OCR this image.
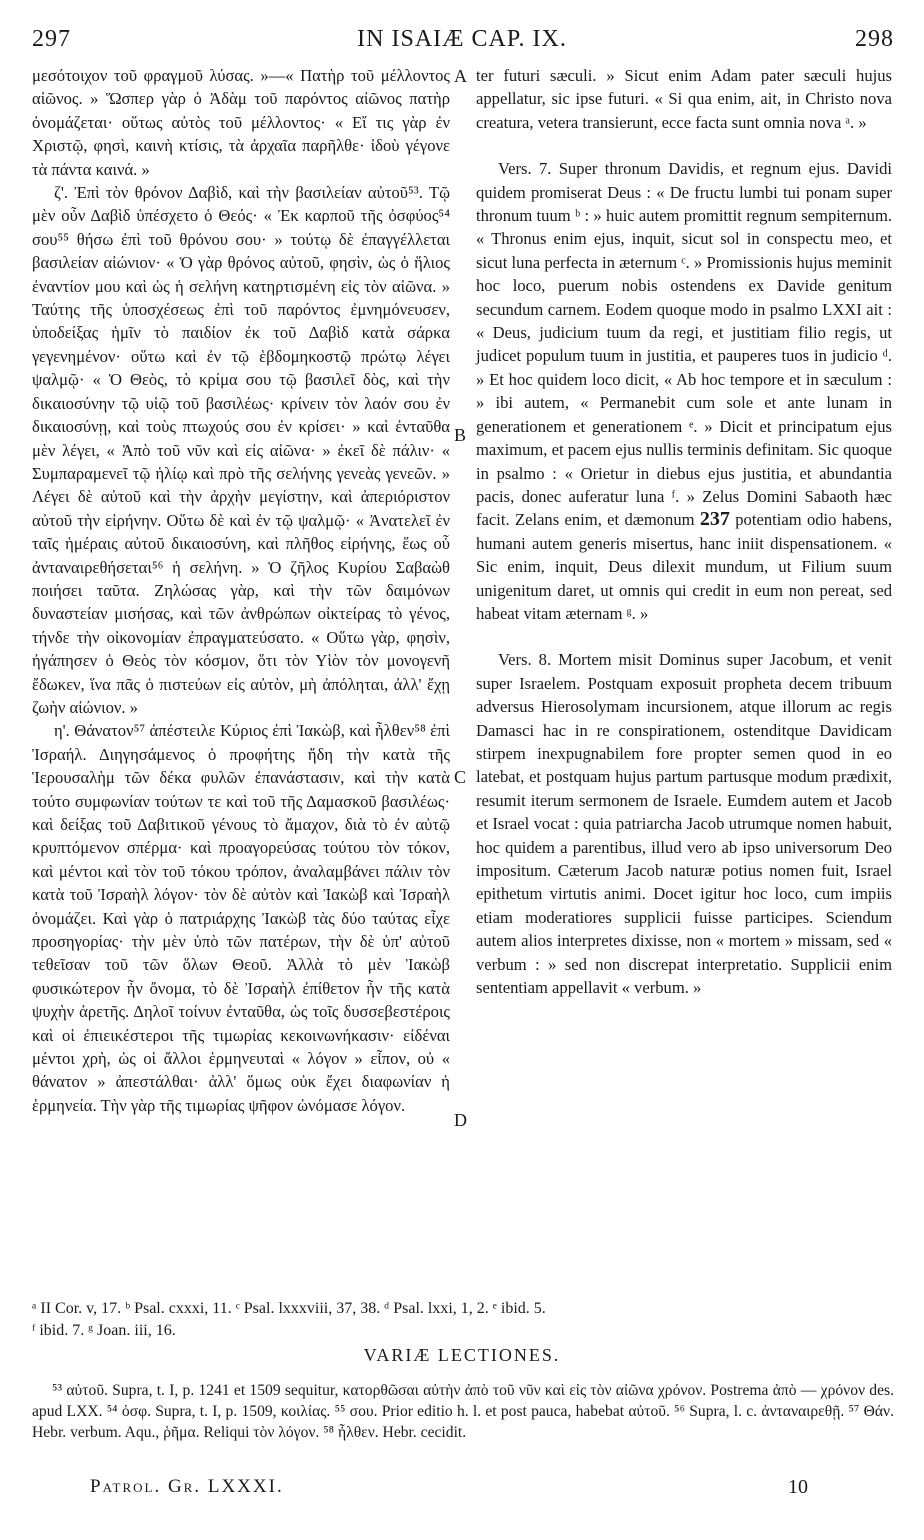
297	IN ISAIÆ CAP. IX.	298

μεσότοιχον τοῦ φραγμοῦ λύσας. »—« Πατὴρ τοῦ μέλλοντος αἰῶνος. » Ὥσπερ γὰρ ὁ Ἀδὰμ τοῦ παρόντος αἰῶνος πατὴρ ὀνομάζεται· οὕτως αὐτὸς τοῦ μέλλοντος· « Εἴ τις γὰρ ἐν Χριστῷ, φησὶ, καινὴ κτίσις, τὰ ἀρχαῖα παρῆλθε· ἰδοὺ γέγονε τὰ πάντα καινά. »

ζ'. Ἐπὶ τὸν θρόνον Δαβὶδ, καὶ τὴν βασιλείαν αὐτοῦ⁵³. Τῷ μὲν οὖν Δαβὶδ ὑπέσχετο ὁ Θεός· « Ἐκ καρποῦ τῆς ὀσφύος⁵⁴ σου⁵⁵ θήσω ἐπὶ τοῦ θρόνου σου· » τούτῳ δὲ ἐπαγγέλλεται βασιλείαν αἰώνιον· « Ὁ γὰρ θρόνος αὐτοῦ, φησὶν, ὡς ὁ ἥλιος ἐναντίον μου καὶ ὡς ἡ σελήνη κατηρτισμένη εἰς τὸν αἰῶνα. » Ταύτης τῆς ὑποσχέσεως ἐπὶ τοῦ παρόντος ἐμνημόνευσεν, ὑποδείξας ἡμῖν τὸ παιδίον ἐκ τοῦ Δαβὶδ κατὰ σάρκα γεγενημένον· οὕτω καὶ ἐν τῷ ἑβδομηκοστῷ πρώτῳ λέγει ψαλμῷ· « Ὁ Θεὸς, τὸ κρίμα σου τῷ βασιλεῖ δὸς, καὶ τὴν δικαιοσύνην τῷ υἱῷ τοῦ βασιλέως· κρίνειν τὸν λαόν σου ἐν δικαιοσύνῃ, καὶ τοὺς πτωχούς σου ἐν κρίσει· » καὶ ἐνταῦθα μὲν λέγει, « Ἀπὸ τοῦ νῦν καὶ εἰς αἰῶνα· » ἐκεῖ δὲ πάλιν· « Συμπαραμενεῖ τῷ ἡλίῳ καὶ πρὸ τῆς σελήνης γενεὰς γενεῶν. » Λέγει δὲ αὐτοῦ καὶ τὴν ἀρχὴν μεγίστην, καὶ ἀπεριόριστον αὐτοῦ τὴν εἰρήνην. Οὕτω δὲ καὶ ἐν τῷ ψαλμῷ· « Ἀνατελεῖ ἐν ταῖς ἡμέραις αὐτοῦ δικαιοσύνη, καὶ πλῆθος εἰρήνης, ἕως οὗ ἀνταναιρεθήσεται⁵⁶ ἡ σελήνη. » Ὁ ζῆλος Κυρίου Σαβαὼθ ποιήσει ταῦτα. Ζηλώσας γὰρ, καὶ τὴν τῶν δαιμόνων δυναστείαν μισήσας, καὶ τῶν ἀνθρώπων οἰκτείρας τὸ γένος, τήνδε τὴν οἰκονομίαν ἐπραγματεύσατο. « Οὕτω γὰρ, φησὶν, ἠγάπησεν ὁ Θεὸς τὸν κόσμον, ὅτι τὸν Υἱὸν τὸν μονογενῆ ἔδωκεν, ἵνα πᾶς ὁ πιστεύων εἰς αὐτὸν, μὴ ἀπόληται, ἀλλ' ἔχῃ ζωὴν αἰώνιον. »

η'. Θάνατον⁵⁷ ἀπέστειλε Κύριος ἐπὶ Ἰακὼβ, καὶ ἦλθεν⁵⁸ ἐπὶ Ἰσραήλ. Διηγησάμενος ὁ προφήτης ἤδη τὴν κατὰ τῆς Ἱερουσαλὴμ τῶν δέκα φυλῶν ἐπανάστασιν, καὶ τὴν κατὰ τούτο συμφωνίαν τούτων τε καὶ τοῦ τῆς Δαμασκοῦ βασιλέως· καὶ δείξας τοῦ Δαβιτικοῦ γένους τὸ ἄμαχον, διὰ τὸ ἐν αὐτῷ κρυπτόμενον σπέρμα· καὶ προαγορεύσας τούτου τὸν τόκον, καὶ μέντοι καὶ τὸν τοῦ τόκου τρόπον, ἀναλαμβάνει πάλιν τὸν κατὰ τοῦ Ἰσραὴλ λόγον· τὸν δὲ αὐτὸν καὶ Ἰακὼβ καὶ Ἰσραὴλ ὀνομάζει. Καὶ γὰρ ὁ πατριάρχης Ἰακὼβ τὰς δύο ταύτας εἶχε προσηγορίας· τὴν μὲν ὑπὸ τῶν πατέρων, τὴν δὲ ὑπ' αὐτοῦ τεθεῖσαν τοῦ τῶν ὅλων Θεοῦ. Ἀλλὰ τὸ μὲν Ἰακὼβ φυσικώτερον ἦν ὄνομα, τὸ δὲ Ἰσραὴλ ἐπίθετον ἦν τῆς κατὰ ψυχὴν ἀρετῆς. Δηλοῖ τοίνυν ἐνταῦθα, ὡς τοῖς δυσσεβεστέροις καὶ οἱ ἐπιεικέστεροι τῆς τιμωρίας κεκοινωνήκασιν· εἰδέναι μέντοι χρὴ, ὡς οἱ ἄλλοι ἑρμηνευταὶ « λόγον » εἶπον, οὐ « θάνατον » ἀπεστάλθαι· ἀλλ' ὅμως οὐκ ἔχει διαφωνίαν ἡ ἑρμηνεία. Τὴν γὰρ τῆς τιμωρίας ψῆφον ὠνόμασε λόγον.

A
B
C
D

ter futuri sæculi. » Sicut enim Adam pater sæculi hujus appellatur, sic ipse futuri. « Si qua enim, ait, in Christo nova creatura, vetera transierunt, ecce facta sunt omnia nova ᵃ. »

Vers. 7. Super thronum Davidis, et regnum ejus. Davidi quidem promiserat Deus : « De fructu lumbi tui ponam super thronum tuum ᵇ : » huic autem promittit regnum sempiternum. « Thronus enim ejus, inquit, sicut sol in conspectu meo, et sicut luna perfecta in æternum ᶜ. » Promissionis hujus meminit hoc loco, puerum nobis ostendens ex Davide genitum secundum carnem. Eodem quoque modo in psalmo LXXI ait : « Deus, judicium tuum da regi, et justitiam filio regis, ut judicet populum tuum in justitia, et pauperes tuos in judicio ᵈ. » Et hoc quidem loco dicit, « Ab hoc tempore et in sæculum : » ibi autem, « Permanebit cum sole et ante lunam in generationem et generationem ᵉ. » Dicit et principatum ejus maximum, et pacem ejus nullis terminis definitam. Sic quoque in psalmo : « Orietur in diebus ejus justitia, et abundantia pacis, donec auferatur luna ᶠ. » Zelus Domini Sabaoth hæc facit. Zelans enim, et dæmonum 237 potentiam odio habens, humani autem generis misertus, hanc iniit dispensationem. « Sic enim, inquit, Deus dilexit mundum, ut Filium suum unigenitum daret, ut omnis qui credit in eum non pereat, sed habeat vitam æternam ᵍ. »

Vers. 8. Mortem misit Dominus super Jacobum, et venit super Israelem. Postquam exposuit propheta decem tribuum adversus Hierosolymam incursionem, atque illorum ac regis Damasci hac in re conspirationem, ostenditque Davidicam stirpem inexpugnabilem fore propter semen quod in eo latebat, et postquam hujus partum partusque modum prædixit, resumit iterum sermonem de Israele. Eumdem autem et Jacob et Israel vocat : quia patriarcha Jacob utrumque nomen habuit, hoc quidem a parentibus, illud vero ab ipso universorum Deo impositum. Cæterum Jacob naturæ potius nomen fuit, Israel epithetum virtutis animi. Docet igitur hoc loco, cum impiis etiam moderatiores supplicii fuisse participes. Sciendum autem alios interpretes dixisse, non « mortem » missam, sed « verbum : » sed non discrepat interpretatio. Supplicii enim sententiam appellavit « verbum. »

ᵃ II Cor. v, 17. ᵇ Psal. cxxxi, 11. ᶜ Psal. lxxxviii, 37, 38. ᵈ Psal. lxxi, 1, 2. ᵉ ibid. 5.

ᶠ ibid. 7. ᵍ Joan. iii, 16.

VARIÆ LECTIONES.

⁵³ αὐτοῦ. Supra, t. I, p. 1241 et 1509 sequitur, κατορθῶσαι αὐτὴν ἀπὸ τοῦ νῦν καὶ εἰς τὸν αἰῶνα χρόνον. Postrema ἀπὸ — χρόνον des. apud LXX. ⁵⁴ ὀσφ. Supra, t. I, p. 1509, κοιλίας. ⁵⁵ σου. Prior editio h. l. et post pauca, habebat αὐτοῦ. ⁵⁶ Supra, l. c. ἀνταναιρεθῇ. ⁵⁷ Θάν. Hebr. verbum. Aqu., ῥῆμα. Reliqui τὸν λόγον. ⁵⁸ ἦλθεν. Hebr. cecidit.

Patrol. Gr. LXXXI.	10
